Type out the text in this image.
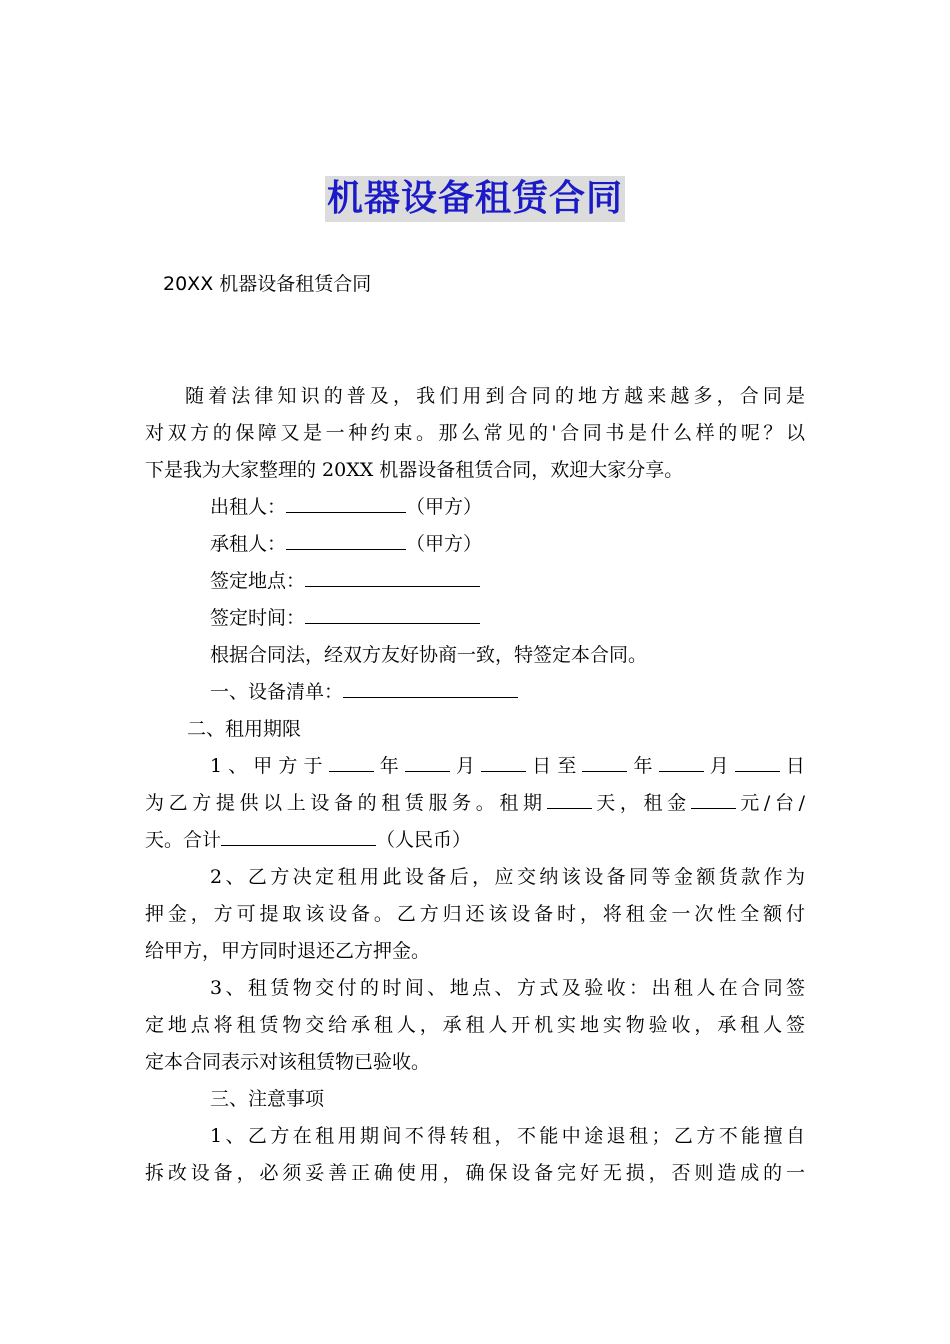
机器设备租赁合同
20XX 机器设备租赁合同
随着法律知识的普及，我们用到合同的地方越来越多，合同是
对双方的保障又是一种约束。那么常见的'合同书是什么样的呢？以
下是我为大家整理的 20XX 机器设备租赁合同，欢迎大家分享。
出租人：	（甲方）
承租人：	（甲方）
签定地点：
签定时间：
根据合同法，经双方友好协商一致，特签定本合同。
一、设备清单：
二、租用期限
1、甲方于 年 月 日至 年 月 日
为乙方提供以上设备的租赁服务。租期 天，租金 元/台/
天。合计	（人民币）
2、乙方决定租用此设备后，应交纳该设备同等金额货款作为
押金，方可提取该设备。乙方归还该设备时，将租金一次性全额付
给甲方，甲方同时退还乙方押金。
3、租赁物交付的时间、地点、方式及验收：出租人在合同签
定地点将租赁物交给承租人，承租人开机实地实物验收，承租人签
定本合同表示对该租赁物已验收。
三、注意事项
1、乙方在租用期间不得转租，不能中途退租；乙方不能擅自
拆改设备，必须妥善正确使用，确保设备完好无损，否则造成的一
